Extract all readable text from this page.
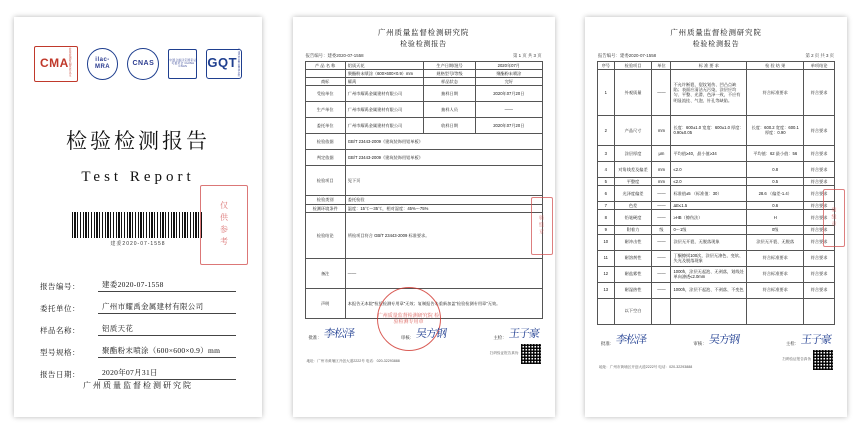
CMA
检验检测机构资质认定
ilac-MRA	CNAS	中国合格评定国家认可委员会 CHINA CNAS	GQT
广州质量监督检测研究院
检验检测报告
Test Report
建委2020-07-1558
报告编号：	建委2020-07-1558
委托单位：	广州市耀禹金属建材有限公司
样品名称：	铝质天花
型号规格：	聚酯粉末喷涂（600×600×0.9）mm
报告日期：	2020年07月31日
仅供参考
广州质量监督检测研究院
广州质量监督检测研究院
检验检测报告
报告编号：建委2020-07-1558	第 1 页 共 3 页
产 品 名 称	铝质天花	生产日期/批号	2020年07月
	聚酯粉末喷涂（600×600×0.9）mm	规格型号/等级	聚酯粉末喷涂
商标	耀禹	样品状态	完好
受检单位	广州市耀禹金属建材有限公司	抽样日期	2020年07月20日
生产单位	广州市耀禹金属建材有限公司	抽样人员	——
委托单位	广州市耀禹金属建材有限公司	收样日期	2020年07月20日
检验依据	GB/T 23443-2009《建筑装饰用铝单板》		
判定依据	GB/T 23443-2009《建筑装饰用铝单板》		
检验项目	见下页		
检验类别	委托检验		
检测环境条件	温度：15℃～35℃，相对湿度：45%～75%		
检验结论	所检项目符合 GB/T 23443-2009 标准要求。		
备注	——		
声明	本报告无本院"检验检测专用章"无效；复制报告未重新加盖"检验检测专用章"无效。		
广州质量监督检测研究院 检验检测专用章
骑缝章
批准： 李松泽	审核： 吴方钢	主检： 王子豪
地址：广州市黄埔区开创大道2222号 电话：020-32293888
扫码验证报告真伪
广州质量监督检测研究院
检验检测报告
报告编号：建委2020-07-1558	第 2 页 共 3 页
序号	检验项目	单位	标 准 要 求	检 验 结 果	单项结论
1	外观质量	——	不允许断裂、裂纹划伤、凹凸点缺陷；表面应清洁无污染，涂层应均匀、平整、光滑、色泽一致，不应有明显流挂、气泡、针孔等缺陷。	符合标准要求	符合要求
2	产品尺寸	mm	长度：600±1.0 宽度：600±1.0 厚度：0.90±0.05	长度：600.2 宽度：600.1 厚度：0.90	符合要求
3	涂层厚度	μm	平均值≥40，最小值≥34	平均值：62 最小值：56	符合要求
4	对角线差及偏差	mm	≤2.0	0.8	符合要求
5	平整度	mm	≤2.0	0.5	符合要求
6	光泽度偏差	——	标准值±5 （标准值：30）	28.6 （偏差-1.4）	符合要求
7	色差	——	ΔE≤1.5	0.6	符合要求
8	铅笔硬度	——	≥HB（擦伤法）	H	符合要求
9	附着力	级	0～1级	0级	符合要求
10	耐冲击性	——	涂层无开裂、无脱落现象	涂层无开裂、无脱落	符合要求
11	耐溶剂性	——	丁酮擦拭100次，涂层无渗色、变软、失光及脱落现象	符合标准要求	符合要求
12	耐盐雾性	——	1000h，涂层无起泡、无剥落，划线处单向渗透≤2.0mm	符合标准要求	符合要求
13	耐湿热性	——	1000h，涂层不起泡、不剥落、不变色	符合标准要求	符合要求
	以下空白				
骑缝章
批准： 李松泽	审核： 吴方钢	主检： 王子豪
地址：广州市黄埔区开创大道2222号 电话：020-32293888
扫码验证报告真伪
